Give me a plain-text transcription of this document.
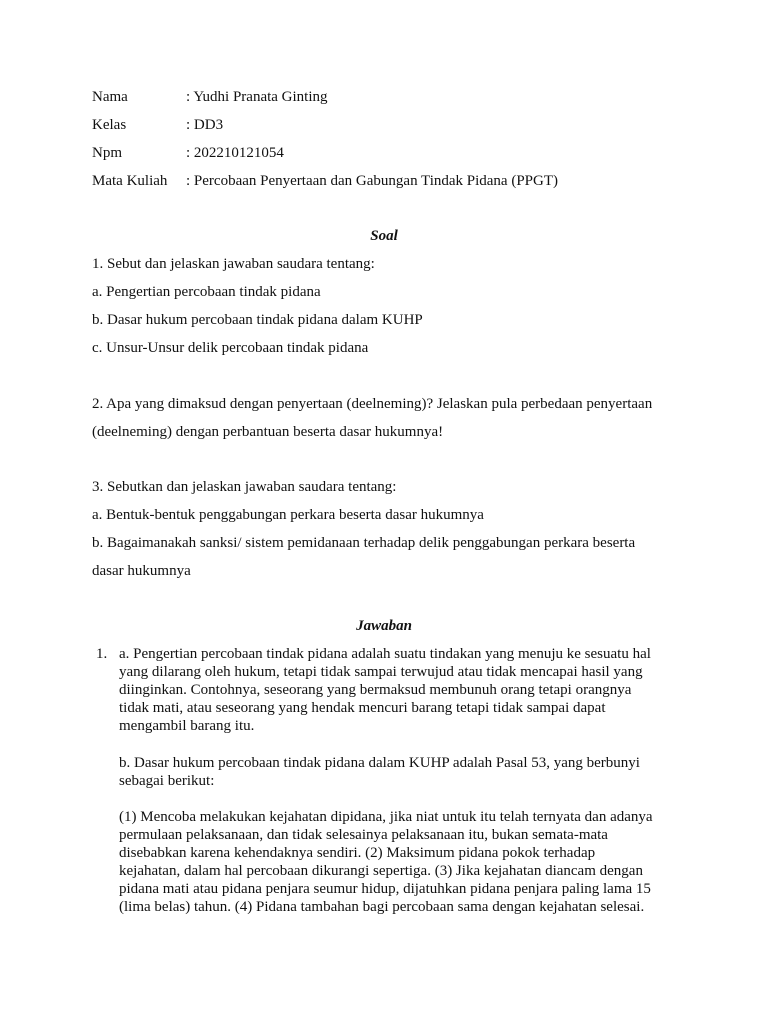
Nama	: Yudhi Pranata Ginting
Kelas	: DD3
Npm	: 202210121054
Mata Kuliah : Percobaan Penyertaan dan Gabungan Tindak Pidana (PPGT)
Soal
1. Sebut dan jelaskan jawaban saudara tentang:
a. Pengertian percobaan tindak pidana
b. Dasar hukum percobaan tindak pidana dalam KUHP
c. Unsur-Unsur delik percobaan tindak pidana
2. Apa yang dimaksud dengan penyertaan (deelneming)? Jelaskan pula perbedaan penyertaan
(deelneming) dengan perbantuan beserta dasar hukumnya!
3. Sebutkan dan jelaskan jawaban saudara tentang:
a. Bentuk-bentuk penggabungan perkara beserta dasar hukumnya
b. Bagaimanakah sanksi/ sistem pemidanaan terhadap delik penggabungan perkara beserta
dasar hukumnya
Jawaban
1. a. Pengertian percobaan tindak pidana adalah suatu tindakan yang menuju ke sesuatu hal
yang dilarang oleh hukum, tetapi tidak sampai terwujud atau tidak mencapai hasil yang
diinginkan. Contohnya, seseorang yang bermaksud membunuh orang tetapi orangnya
tidak mati, atau seseorang yang hendak mencuri barang tetapi tidak sampai dapat
mengambil barang itu.
b. Dasar hukum percobaan tindak pidana dalam KUHP adalah Pasal 53, yang berbunyi
sebagai berikut:
(1) Mencoba melakukan kejahatan dipidana, jika niat untuk itu telah ternyata dan adanya
permulaan pelaksanaan, dan tidak selesainya pelaksanaan itu, bukan semata-mata
disebabkan karena kehendaknya sendiri. (2) Maksimum pidana pokok terhadap
kejahatan, dalam hal percobaan dikurangi sepertiga. (3) Jika kejahatan diancam dengan
pidana mati atau pidana penjara seumur hidup, dijatuhkan pidana penjara paling lama 15
(lima belas) tahun. (4) Pidana tambahan bagi percobaan sama dengan kejahatan selesai.
